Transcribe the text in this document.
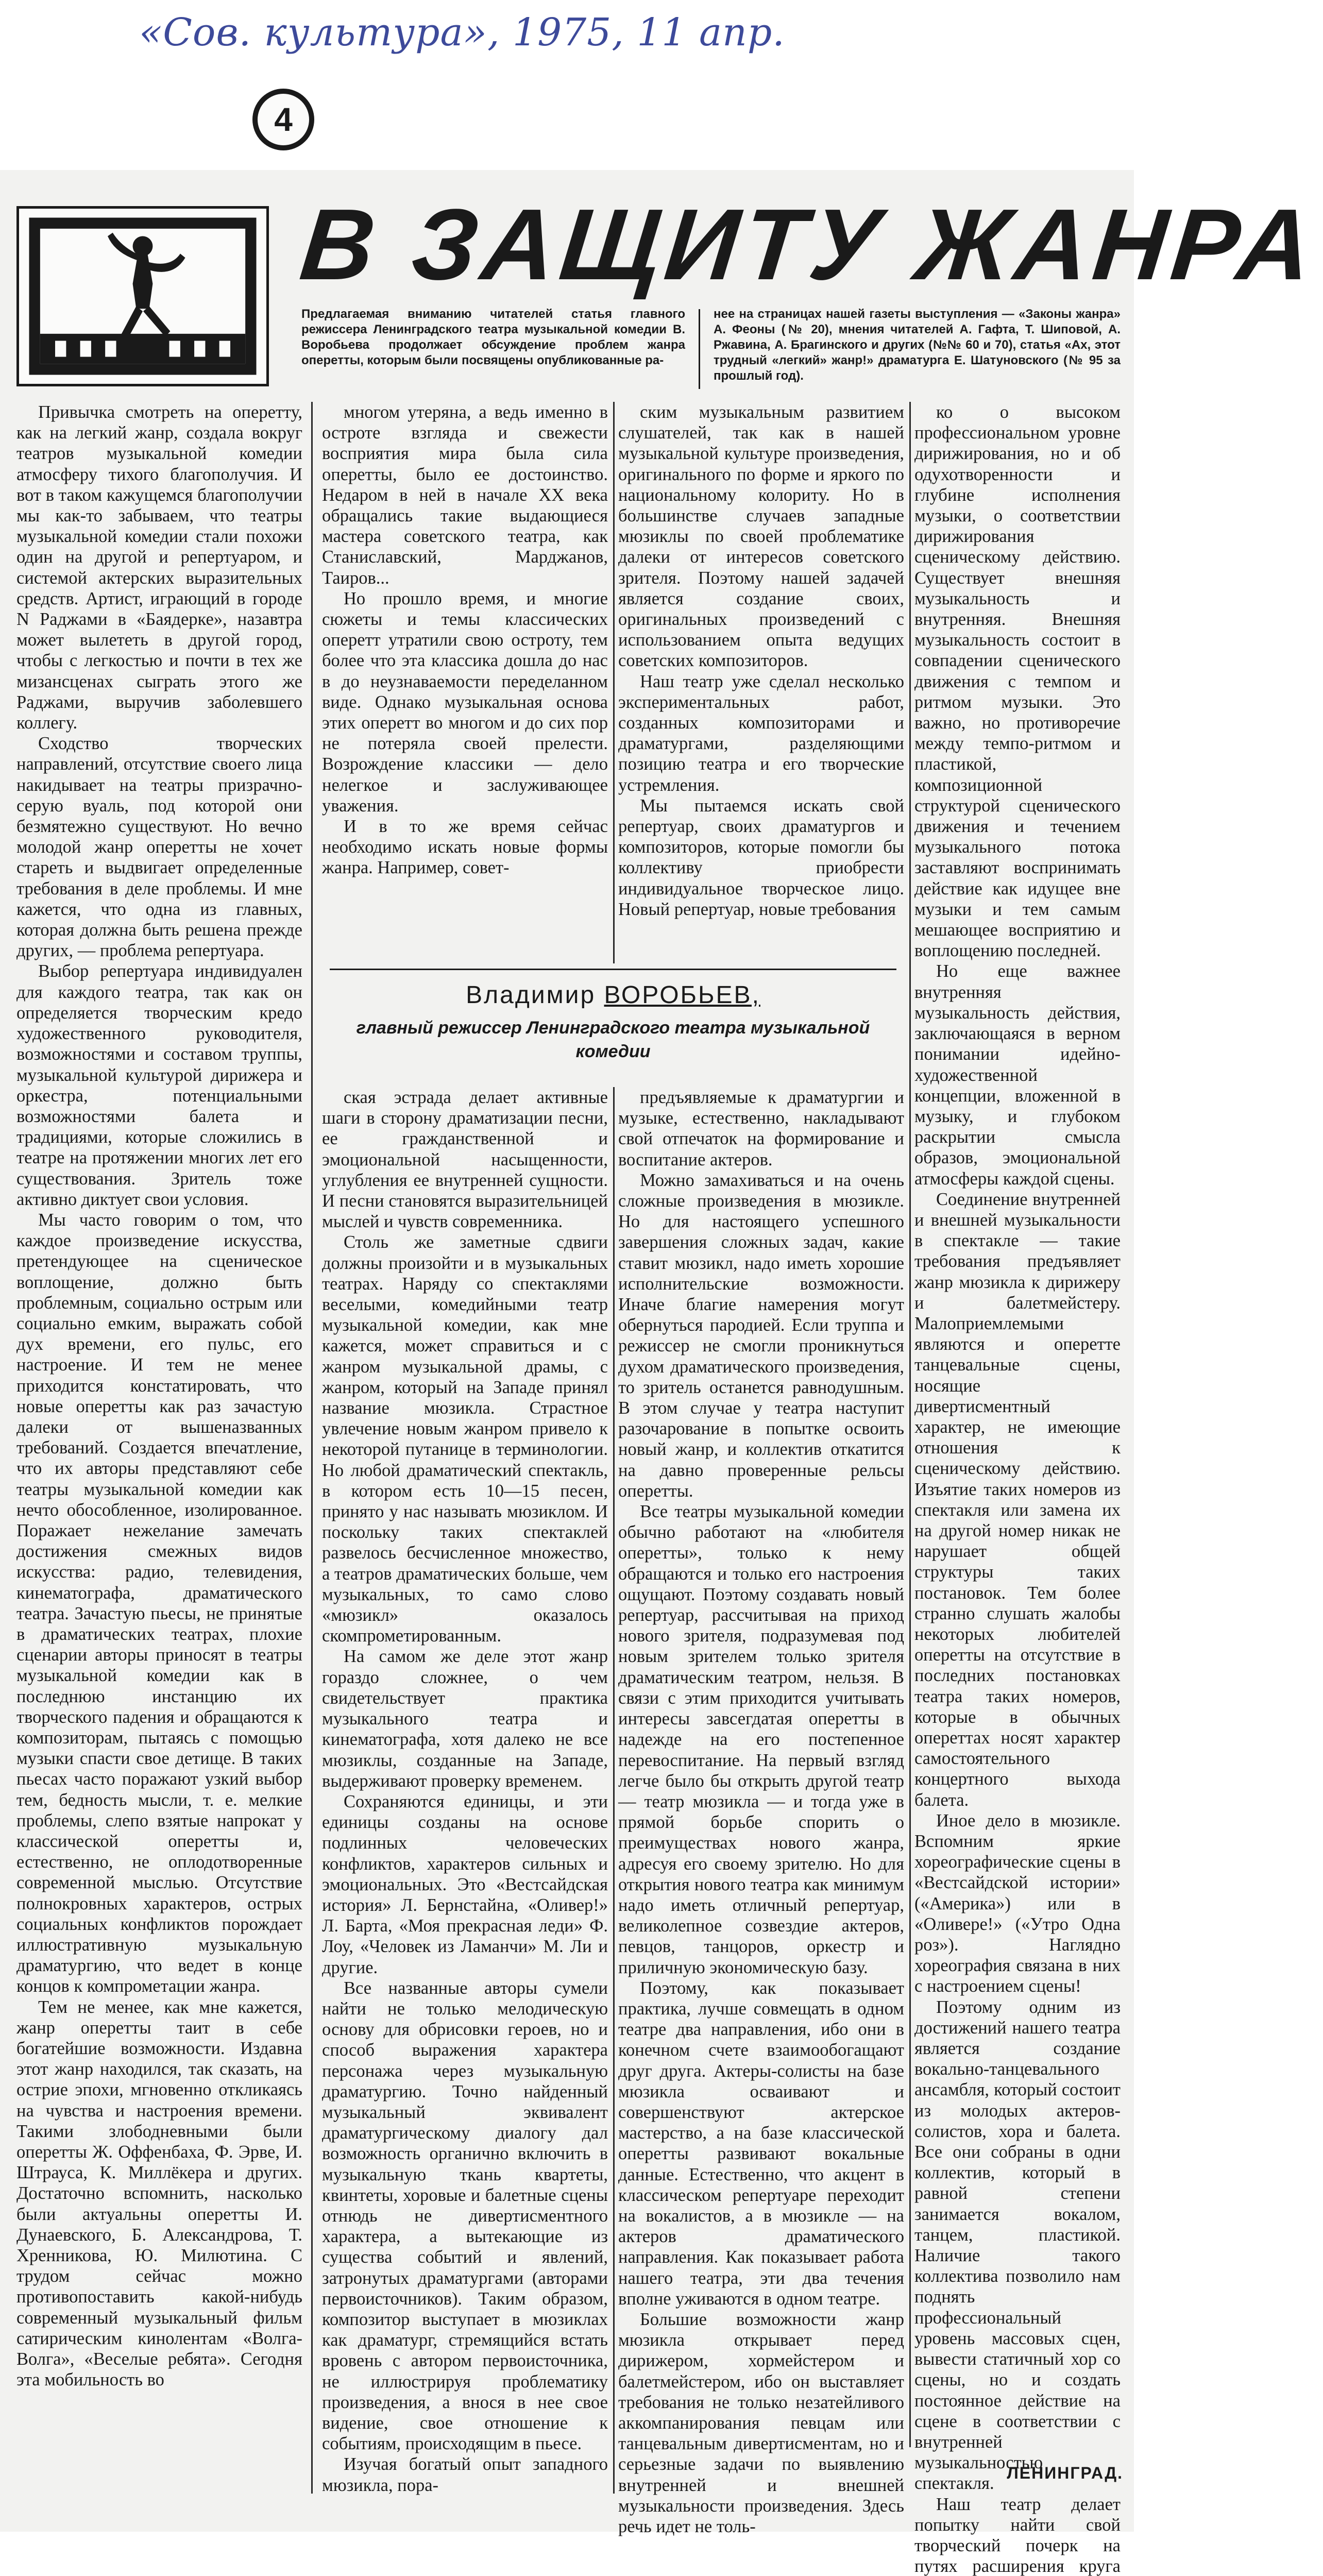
«Сов. культура», 1975, 11 апр.
4
В ЗАЩИТУ ЖАНРА
Предлагаемая вниманию читателей статья главного режиссера Ленинградского театра музыкальной комедии В. Воробьева продолжает обсуждение проблем жанра оперетты, которым были посвящены опубликованные ра-
нее на страницах нашей газеты выступления — «Законы жанра» А. Феоны (№ 20), мнения читателей А. Гафта, Т. Шиповой, А. Ржавина, А. Брагинского и других (№№ 60 и 70), статья «Ах, этот трудный «легкий» жанр!» драматурга Е. Шатуновского (№ 95 за прошлый год).

Привычка смотреть на оперетту, как на легкий жанр, создала вокруг театров музыкальной комедии атмосферу тихого благополучия. И вот в таком кажущемся благополучии мы как-то забываем, что театры музыкальной комедии стали похожи один на другой и репертуаром, и системой актерских выразительных средств. Артист, играющий в городе N Раджами в «Баядерке», назавтра может вылететь в другой город, чтобы с легкостью и почти в тех же мизансценах сыграть этого же Раджами, выручив заболевшего коллегу.

Сходство творческих направлений, отсутствие своего лица накидывает на театры призрачно-серую вуаль, под которой они безмятежно существуют. Но вечно молодой жанр оперетты не хочет стареть и выдвигает определенные требования в деле проблемы. И мне кажется, что одна из главных, которая должна быть решена прежде других, — проблема репертуара.

Выбор репертуара индивидуален для каждого театра, так как он определяется творческим кредо художественного руководителя, возможностями и составом труппы, музыкальной культурой дирижера и оркестра, потенциальными возможностями балета и традициями, которые сложились в театре на протяжении многих лет его существования. Зритель тоже активно диктует свои условия.

Мы часто говорим о том, что каждое произведение искусства, претендующее на сценическое воплощение, должно быть проблемным, социально острым или социально емким, выражать собой дух времени, его пульс, его настроение. И тем не менее приходится констатировать, что новые оперетты как раз зачастую далеки от вышеназванных требований. Создается впечатление, что их авторы представляют себе театры музыкальной комедии как нечто обособленное, изолированное. Поражает нежелание замечать достижения смежных видов искусства: радио, телевидения, кинематографа, драматического театра. Зачастую пьесы, не принятые в драматических театрах, плохие сценарии авторы приносят в театры музыкальной комедии как в последнюю инстанцию их творческого падения и обращаются к композиторам, пытаясь с помощью музыки спасти свое детище. В таких пьесах часто поражают узкий выбор тем, бедность мысли, т. е. мелкие проблемы, слепо взятые напрокат у классической оперетты и, естественно, не оплодотворенные современной мыслью. Отсутствие полнокровных характеров, острых социальных конфликтов порождает иллюстративную музыкальную драматургию, что ведет в конце концов к компрометации жанра.

Тем не менее, как мне кажется, жанр оперетты таит в себе богатейшие возможности. Издавна этот жанр находился, так сказать, на острие эпохи, мгновенно откликаясь на чувства и настроения времени. Такими злободневными были оперетты Ж. Оффенбаха, Ф. Эрве, И. Штрауса, К. Миллёкера и других. Достаточно вспомнить, насколько были актуальны оперетты И. Дунаевского, Б. Александрова, Т. Хренникова, Ю. Милютина. С трудом сейчас можно противопоставить какой-нибудь современный музыкальный фильм сатирическим кинолентам «Волга-Волга», «Веселые ребята». Сегодня эта мобильность во

многом утеряна, а ведь именно в остроте взгляда и свежести восприятия мира была сила оперетты, было ее достоинство. Недаром в ней в начале XX века обращались такие выдающиеся мастера советского театра, как Станиславский, Марджанов, Таиров...

Но прошло время, и многие сюжеты и темы классических оперетт утратили свою остроту, тем более что эта классика дошла до нас в до неузнаваемости переделанном виде. Однако музыкальная основа этих оперетт во многом и до сих пор не потеряла своей прелести. Возрождение классики — дело нелегкое и заслуживающее уважения.

И в то же время сейчас необходимо искать новые формы жанра. Например, совет-

ским музыкальным развитием слушателей, так как в нашей музыкальной культуре произведения, оригинального по форме и яркого по национальному колориту. Но в большинстве случаев западные мюзиклы по своей проблематике далеки от интересов советского зрителя. Поэтому нашей задачей является создание своих, оригинальных произведений с использованием опыта ведущих советских композиторов.

Наш театр уже сделал несколько экспериментальных работ, созданных композиторами и драматургами, разделяющими позицию театра и его творческие устремления.

Мы пытаемся искать свой репертуар, своих драматургов и композиторов, которые помогли бы коллективу приобрести индивидуальное творческое лицо. Новый репертуар, новые требования

Владимир ВОРОБЬЕВ,
главный режиссер Ленинградского театра музыкальной комедии

ская эстрада делает активные шаги в сторону драматизации песни, ее гражданственной и эмоциональной насыщенности, углубления ее внутренней сущности. И песни становятся выразительницей мыслей и чувств современника.

Столь же заметные сдвиги должны произойти и в музыкальных театрах. Наряду со спектаклями веселыми, комедийными театр музыкальной комедии, как мне кажется, может справиться и с жанром музыкальной драмы, с жанром, который на Западе принял название мюзикла. Страстное увлечение новым жанром привело к некоторой путанице в терминологии. Но любой драматический спектакль, в котором есть 10—15 песен, принято у нас называть мюзиклом. И поскольку таких спектаклей развелось бесчисленное множество, а театров драматических больше, чем музыкальных, то само слово «мюзикл» оказалось скомпрометированным.

На самом же деле этот жанр гораздо сложнее, о чем свидетельствует практика музыкального театра и кинематографа, хотя далеко не все мюзиклы, созданные на Западе, выдерживают проверку временем.

Сохраняются единицы, и эти единицы созданы на основе подлинных человеческих конфликтов, характеров сильных и эмоциональных. Это «Вестсайдская история» Л. Бернстайна, «Оливер!» Л. Барта, «Моя прекрасная леди» Ф. Лоу, «Человек из Ламанчи» М. Ли и другие.

Все названные авторы сумели найти не только мелодическую основу для обрисовки героев, но и способ выражения характера персонажа через музыкальную драматургию. Точно найденный музыкальный эквивалент драматургическому диалогу дал возможность органично включить в музыкальную ткань квартеты, квинтеты, хоровые и балетные сцены отнюдь не дивертисментного характера, а вытекающие из существа событий и явлений, затронутых драматургами (авторами первоисточников). Таким образом, композитор выступает в мюзиклах как драматург, стремящийся встать вровень с автором первоисточника, не иллюстрируя проблематику произведения, а внося в нее свое видение, свое отношение к событиям, происходящим в пьесе.

Изучая богатый опыт западного мюзикла, пора-

предъявляемые к драматургии и музыке, естественно, накладывают свой отпечаток на формирование и воспитание актеров.

Можно замахиваться и на очень сложные произведения в мюзикле. Но для настоящего успешного завершения сложных задач, какие ставит мюзикл, надо иметь хорошие исполнительские возможности. Иначе благие намерения могут обернуться пародией. Если труппа и режиссер не смогли проникнуться духом драматического произведения, то зритель останется равнодушным. В этом случае у театра наступит разочарование в попытке освоить новый жанр, и коллектив откатится на давно проверенные рельсы оперетты.

Все театры музыкальной комедии обычно работают на «любителя оперетты», только к нему обращаются и только его настроения ощущают. Поэтому создавать новый репертуар, рассчитывая на приход нового зрителя, подразумевая под новым зрителем только зрителя драматическим театром, нельзя. В связи с этим приходится учитывать интересы завсегдатая оперетты в надежде на его постепенное перевоспитание. На первый взгляд легче было бы открыть другой театр — театр мюзикла — и тогда уже в прямой борьбе спорить о преимуществах нового жанра, адресуя его своему зрителю. Но для открытия нового театра как минимум надо иметь отличный репертуар, великолепное созвездие актеров, певцов, танцоров, оркестр и приличную экономическую базу.

Поэтому, как показывает практика, лучше совмещать в одном театре два направления, ибо они в конечном счете взаимообогащают друг друга. Актеры-солисты на базе мюзикла осваивают и совершенствуют актерское мастерство, а на базе классической оперетты развивают вокальные данные. Естественно, что акцент в классическом репертуаре переходит на вокалистов, а в мюзикле — на актеров драматического направления. Как показывает работа нашего театра, эти два течения вполне уживаются в одном театре.

Большие возможности жанр мюзикла открывает перед дирижером, хормейстером и балетмейстером, ибо он выставляет требования не только незатейливого аккомпанирования певцам или танцевальным дивертисментам, но и серьезные задачи по выявлению внутренней и внешней музыкальности произведения. Здесь речь идет не толь-

ко о высоком профессиональном уровне дирижирования, но и об одухотворенности и глубине исполнения музыки, о соответствии дирижирования сценическому действию. Существует внешняя музыкальность и внутренняя. Внешняя музыкальность состоит в совпадении сценического движения с темпом и ритмом музыки. Это важно, но противоречие между темпо-ритмом и пластикой, композиционной структурой сценического движения и течением музыкального потока заставляют воспринимать действие как идущее вне музыки и тем самым мешающее восприятию и воплощению последней.

Но еще важнее внутренняя музыкальность действия, заключающаяся в верном понимании идейно-художественной концепции, вложенной в музыку, и глубоком раскрытии смысла образов, эмоциональной атмосферы каждой сцены.

Соединение внутренней и внешней музыкальности в спектакле — такие требования предъявляет жанр мюзикла к дирижеру и балетмейстеру. Малоприемлемыми являются и оперетте танцевальные сцены, носящие дивертисментный характер, не имеющие отношения к сценическому действию. Изъятие таких номеров из спектакля или замена их на другой номер никак не нарушает общей структуры таких постановок. Тем более странно слушать жалобы некоторых любителей оперетты на отсутствие в последних постановках театра таких номеров, которые в обычных опереттах носят характер самостоятельного концертного выхода балета.

Иное дело в мюзикле. Вспомним яркие хореографические сцены в «Вестсайдской истории» («Америка») или в «Оливере!» («Утро Одна роз»). Наглядно хореография связана в них с настроением сцены!

Поэтому одним из достижений нашего театра является создание вокально-танцевального ансамбля, который состоит из молодых актеров-солистов, хора и балета. Все они собраны в одни коллектив, который в равной степени занимается вокалом, танцем, пластикой. Наличие такого коллектива позволило нам поднять профессиональный уровень массовых сцен, вывести статичный хор со сцены, но и создать постоянное действие на сцене в соответствии с внутренней музыкальностью спектакля.

Наш театр делает попытку найти свой творческий почерк на путях расширения круга

ЛЕНИНГРАД.
